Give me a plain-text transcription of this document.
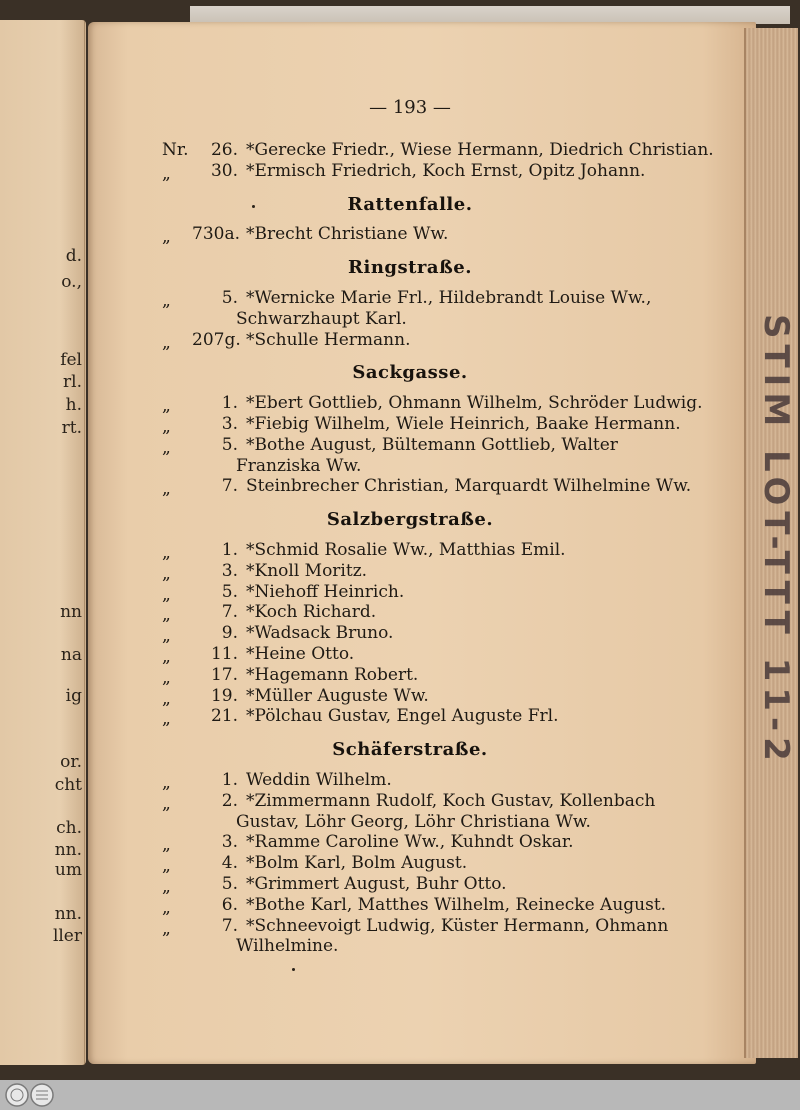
d.
o.,
fel
rl.
h.
rt.
nn
na
ig
or.
cht
ch.
nn.
um
nn.
ller
STIM LOT-TTT 11-2
— 193 —
Nr.	26. *Gerecke Friedr., Wiese Hermann, Diedrich Christian.
„	30. *Ermisch Friedrich, Koch Ernst, Opitz Johann.
Rattenfalle.
„	730a. *Brecht Christiane Ww.
Ringstraße.
„	5. *Wernicke Marie Frl., Hildebrandt Louise Ww.,
Schwarzhaupt Karl.
„	207g. *Schulle Hermann.
Sackgasse.
„	1. *Ebert Gottlieb, Ohmann Wilhelm, Schröder Ludwig.
„	3. *Fiebig Wilhelm, Wiele Heinrich, Baake Hermann.
„	5. *Bothe August, Bültemann Gottlieb, Walter
Franziska Ww.
„	7. Steinbrecher Christian, Marquardt Wilhelmine Ww.
Salzbergstraße.
„	1. *Schmid Rosalie Ww., Matthias Emil.
„	3. *Knoll Moritz.
„	5. *Niehoff Heinrich.
„	7. *Koch Richard.
„	9. *Wadsack Bruno.
„	11. *Heine Otto.
„	17. *Hagemann Robert.
„	19. *Müller Auguste Ww.
„	21. *Pölchau Gustav, Engel Auguste Frl.
Schäferstraße.
„	1. Weddin Wilhelm.
„	2. *Zimmermann Rudolf, Koch Gustav, Kollenbach
Gustav, Löhr Georg, Löhr Christiana Ww.
„	3. *Ramme Caroline Ww., Kuhndt Oskar.
„	4. *Bolm Karl, Bolm August.
„	5. *Grimmert August, Buhr Otto.
„	6. *Bothe Karl, Matthes Wilhelm, Reinecke August.
„	7. *Schneevoigt Ludwig, Küster Hermann, Ohmann
Wilhelmine.
